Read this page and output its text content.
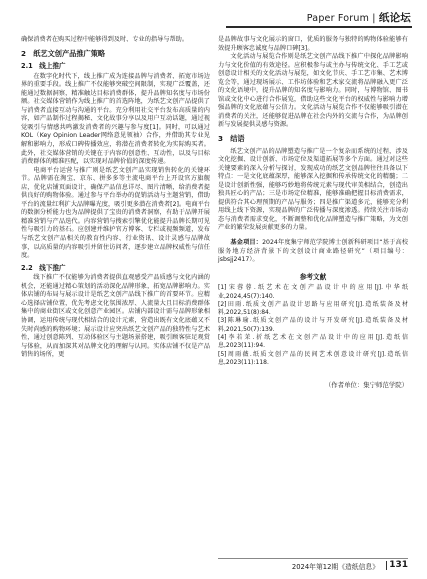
Paper Forum | 纸论坛

确保消费者在购买过程中能够得到及时、专业的指导与帮助。

2　纸艺文创产品推广策略
2.1　线上推广

在数字化时代下，线上推广成为连接品牌与消费者、拓宽市场边界的重要手段。线上推广不仅能够突破空间限制，实现广泛覆盖，还能通过数据洞察，精准触达目标消费群体，提升品牌知名度与市场份额。社交媒体营销作为线上推广的首选阵地，为纸艺文创产品提供了与消费者直接互动与沟通的平台。充分利用社交平台发布高质量的内容，如产品制作过程揭秘、文化故事分享以及用户互动话题，通过视觉吸引与情感共鸣激发消费者的兴趣与参与度[1]。同时，可以通过KOL（Key Opinion Leader网络意见领袖）合作，并借助其专业见解和影响力，形成口碑传播效应，将潜在消费者转化为实际购买者。此外，社交媒体营销的关键在于内容的创意性、互动性，以及与目标消费群体的精准匹配，以实现对品牌价值的深度传递。

电商平台运营与推广则是纸艺文创产品实现销售转化的关键环节。品牌需在淘宝、京东、拼多多等主流电商平台上开设官方旗舰店，优化店铺页面设计，确保产品信息详尽、图片清晰，给消费者提供良好的购物体验。通过参与平台举办的促销活动与主题营销，借助平台的流量红利扩大品牌曝光度，吸引更多潜在消费者[2]。电商平台的数据分析能力也为品牌提供了宝贵的消费者洞察，有助于品牌开展精准营销与产品迭代。内容营销与搜索引擎优化能提升品牌长期可见性与吸引力的基石。应创建并维护官方博客、专栏或视频频道，发布与纸艺文创产品相关的教育性内容、行业资讯、设计灵感与品牌故事，以高质量的内容吸引并留住访问者，逐步建立品牌权威性与信任度。

2.2　线下推广

线下推广不仅能够为消费者提供直观感受产品质感与文化内涵的机会，还能通过精心策划的活动深化品牌形象，拓宽品牌影响力。实体店铺的布局与展示设计是纸艺文创产品线下推广的首要环节。应精心选择店铺位置，优先考虑文化氛围浓厚、人流量大且目标消费群体集中的商业街区或文化创意产业园区。店铺内部设计需与品牌形象相协调，运用传统与现代相结合的设计元素，营造出既有文化底蕴又不失时尚感的购物环境；展示设计应突出纸艺文创产品的独特性与艺术性，通过创意陈列、互动体验区与主题场景搭建，吸引顾客驻足观赏与体验，从而加深其对品牌文化的理解与认同。实体店铺不仅是产品销售的场所，更

是品牌故事与文化展示的窗口，优质的服务与独特的购物体验能够有效提升顾客忠诚度与品牌口碑[3]。

文化活动与展览合作则是纸艺文创产品线下推广中探化品牌影响力与文化价值的有效途径。应积极参与或主办与传统文化、手工艺或创意设计相关的文化活动与展览，如文化节庆、手工艺市集、艺术博览会等，通过现场展示、工作坊体验和艺术家交流将品牌融入更广泛的文化语境中，提升品牌的知名度与影响力。同时，与博物馆、图书馆或文化中心进行合作展览，借助这些文化平台的权威性与影响力增强品牌的文化底蕴与公信力。文化活动与展览合作不仅能够吸引潜在消费者的关注，还能够促进品牌在社会内外的交流与合作，为品牌创新与发展提供灵感与资源。

3　结语

纸艺文创产品的品牌塑造与推广是一个复杂而系统的过程，涉及文化挖掘、设计创新、市场定位及渠道拓展等多个方面。通过对这些关键要素的深入分析与探讨，发现成功的纸艺文创品牌往往具备以下特点：一是文化底蕴深厚，能够深入挖掘和传承传统文化的精髓；二是设计创新性强，能够巧妙地将传统元素与现代审美相结合，创造出独具匠心的产品；三是市场定位精准，能够准确把握目标消费需求，提供符合其心理预期的产品与服务；四是推广渠道多元，能够充分利用线上线下资源，实现品牌的广泛传播与深度渗透。持续关注市场动态与消费者需求变化，不断调整和优化品牌塑造与推广策略，为文创产业的繁荣发展贡献更多的力量。

基金项目：2024年度集宁师范学院博士创新科研项目“基于高校服务地方经济背景下的文创设计商业路径研究”（项目编号：jsbsjj2417）。

参考文献

[1]宋蓉蓉.纸艺术在文创产品设计中的应用[J].中华纸业,2024,45(7):140.

[2]田雨.纸质文创产品设计思路与应用研究[J].造纸装备及材料,2022,51(8):84.

[3]陈琳瑜.纸质文创产品的设计与开发研究[J].造纸装备及材料,2021,50(7):139.

[4]李若茉.折纸艺术在文创产品设计中的应用[J].造纸信息,2023(11):94.

[5]周雨薇.纸质文创产品的民间艺术创意设计研究[J].造纸信息,2023(11):118.

（作者单位：集宁师范学院）

2024年第12期《造纸信息》 131
